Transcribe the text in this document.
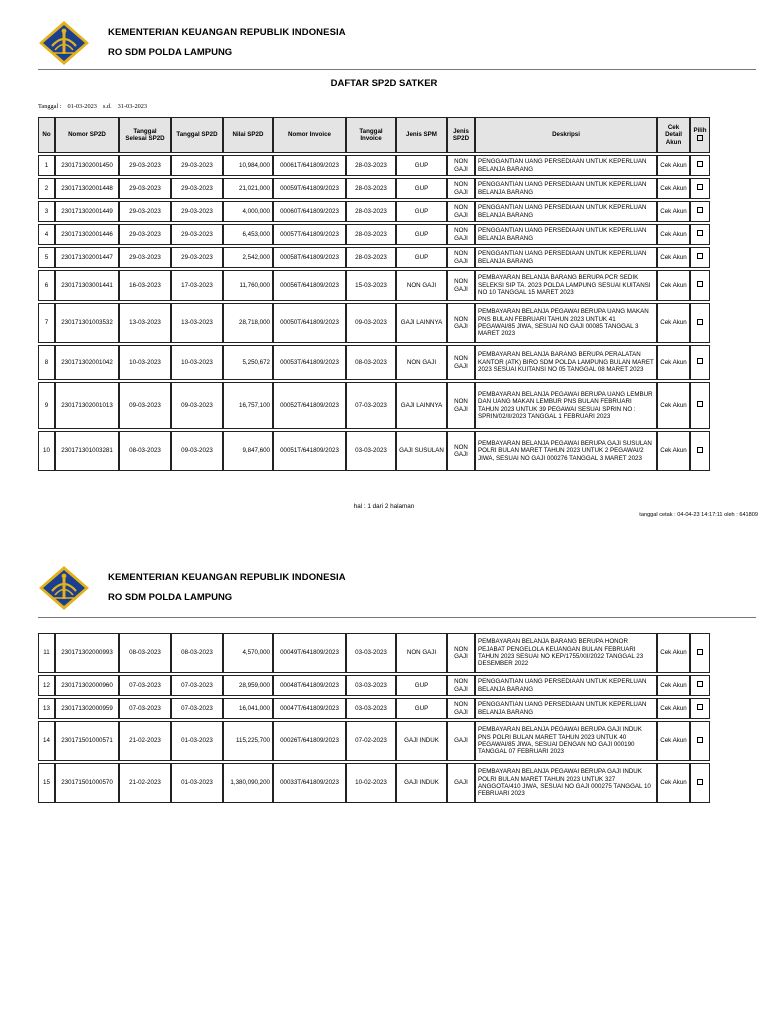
KEMENTERIAN KEUANGAN REPUBLIK INDONESIA
RO SDM POLDA LAMPUNG
DAFTAR SP2D SATKER
Tanggal : 01-03-2023 s.d. 31-03-2023
No	Nomor SP2D	Tanggal Selesai SP2D	Tanggal SP2D	Nilai SP2D	Nomor Invoice	Tanggal Invoice	Jenis SPM	Jenis SP2D	Deskripsi	Cek Detail Akun	Pilih

1	230171302001450	29-03-2023	29-03-2023	10,984,000	00061T/641809/2023	28-03-2023	GUP	NON GAJI	PENGGANTIAN UANG PERSEDIAAN UNTUK KEPERLUAN BELANJA BARANG	Cek Akun	
2	230171302001448	29-03-2023	29-03-2023	21,021,000	00059T/641809/2023	28-03-2023	GUP	NON GAJI	PENGGANTIAN UANG PERSEDIAAN UNTUK KEPERLUAN BELANJA BARANG	Cek Akun	
3	230171302001449	29-03-2023	29-03-2023	4,000,000	00060T/641809/2023	28-03-2023	GUP	NON GAJI	PENGGANTIAN UANG PERSEDIAAN UNTUK KEPERLUAN BELANJA BARANG	Cek Akun	
4	230171302001446	29-03-2023	29-03-2023	6,453,000	00057T/641809/2023	28-03-2023	GUP	NON GAJI	PENGGANTIAN UANG PERSEDIAAN UNTUK KEPERLUAN BELANJA BARANG	Cek Akun	
5	230171302001447	29-03-2023	29-03-2023	2,542,000	00058T/641809/2023	28-03-2023	GUP	NON GAJI	PENGGANTIAN UANG PERSEDIAAN UNTUK KEPERLUAN BELANJA BARANG	Cek Akun	
6	230171303001441	16-03-2023	17-03-2023	11,760,000	00056T/641809/2023	15-03-2023	NON GAJI	NON GAJI	PEMBAYARAN BELANJA BARANG BERUPA PCR SEDIK SELEKSI SIP TA. 2023 POLDA LAMPUNG SESUAI KUITANSI NO 10 TANGGAL 15 MARET 2023	Cek Akun	
7	230171301003532	13-03-2023	13-03-2023	28,718,000	00050T/641809/2023	09-03-2023	GAJI LAINNYA	NON GAJI	PEMBAYARAN BELANJA PEGAWAI BERUPA UANG MAKAN PNS BULAN FEBRUARI TAHUN 2023 UNTUK 41 PEGAWAI/85 JIWA, SESUAI NO GAJI 00085 TANGGAL 3 MARET 2023	Cek Akun	
8	230171302001042	10-03-2023	10-03-2023	5,250,672	00053T/641809/2023	08-03-2023	NON GAJI	NON GAJI	PEMBAYARAN BELANJA BARANG BERUPA PERALATAN KANTOR (ATK) BIRO SDM POLDA LAMPUNG BULAN MARET 2023 SESUAI KUITANSI NO 05 TANGGAL 08 MARET 2023	Cek Akun	
9	230171302001013	09-03-2023	09-03-2023	16,757,100	00052T/641809/2023	07-03-2023	GAJI LAINNYA	NON GAJI	PEMBAYARAN BELANJA PEGAWAI BERUPA UANG LEMBUR DAN UANG MAKAN LEMBUR PNS BULAN FEBRUARI TAHUN 2023 UNTUK 39 PEGAWAI SESUAI SPRIN NO : SPRIN/02/II/2023 TANGGAL 1 FEBRUARI 2023	Cek Akun	
10	230171301003281	08-03-2023	09-03-2023	9,847,600	00051T/641809/2023	03-03-2023	GAJI SUSULAN	NON GAJI	PEMBAYARAN BELANJA PEGAWAI BERUPA GAJI SUSULAN POLRI BULAN MARET TAHUN 2023 UNTUK 2 PEGAWAI/2 JIWA, SESUAI NO GAJI 000276 TANGGAL 3 MARET 2023	Cek Akun	
hal : 1 dari 2 halaman
tanggal cetak : 04-04-23 14:17:11 oleh : 641809
KEMENTERIAN KEUANGAN REPUBLIK INDONESIA
RO SDM POLDA LAMPUNG
11	230171302000993	08-03-2023	08-03-2023	4,570,000	00049T/641809/2023	03-03-2023	NON GAJI	NON GAJI	PEMBAYARAN BELANJA BARANG BERUPA HONOR PEJABAT PENGELOLA KEUANGAN BULAN FEBRUARI TAHUN 2023 SESUAI NO KEP/1755/XII/2022 TANGGAL 23 DESEMBER 2022	Cek Akun	
12	230171302000960	07-03-2023	07-03-2023	28,959,000	00048T/641809/2023	03-03-2023	GUP	NON GAJI	PENGGANTIAN UANG PERSEDIAAN UNTUK KEPERLUAN BELANJA BARANG	Cek Akun	
13	230171302000959	07-03-2023	07-03-2023	16,041,000	00047T/641809/2023	03-03-2023	GUP	NON GAJI	PENGGANTIAN UANG PERSEDIAAN UNTUK KEPERLUAN BELANJA BARANG	Cek Akun	
14	230171501000571	21-02-2023	01-03-2023	115,225,700	00026T/641809/2023	07-02-2023	GAJI INDUK	GAJI	PEMBAYARAN BELANJA PEGAWAI BERUPA GAJI INDUK PNS POLRI BULAN MARET TAHUN 2023 UNTUK 40 PEGAWAI/85 JIWA, SESUAI DENGAN NO GAJI 000190 TANGGAL 07 FEBRUARI 2023	Cek Akun	
15	230171501000570	21-02-2023	01-03-2023	1,380,090,200	00033T/641809/2023	10-02-2023	GAJI INDUK	GAJI	PEMBAYARAN BELANJA PEGAWAI BERUPA GAJI INDUK POLRI BULAN MARET TAHUN 2023 UNTUK 327 ANGGOTA/410 JIWA, SESUAI NO GAJI 000275 TANGGAL 10 FEBRUARI 2023	Cek Akun	
